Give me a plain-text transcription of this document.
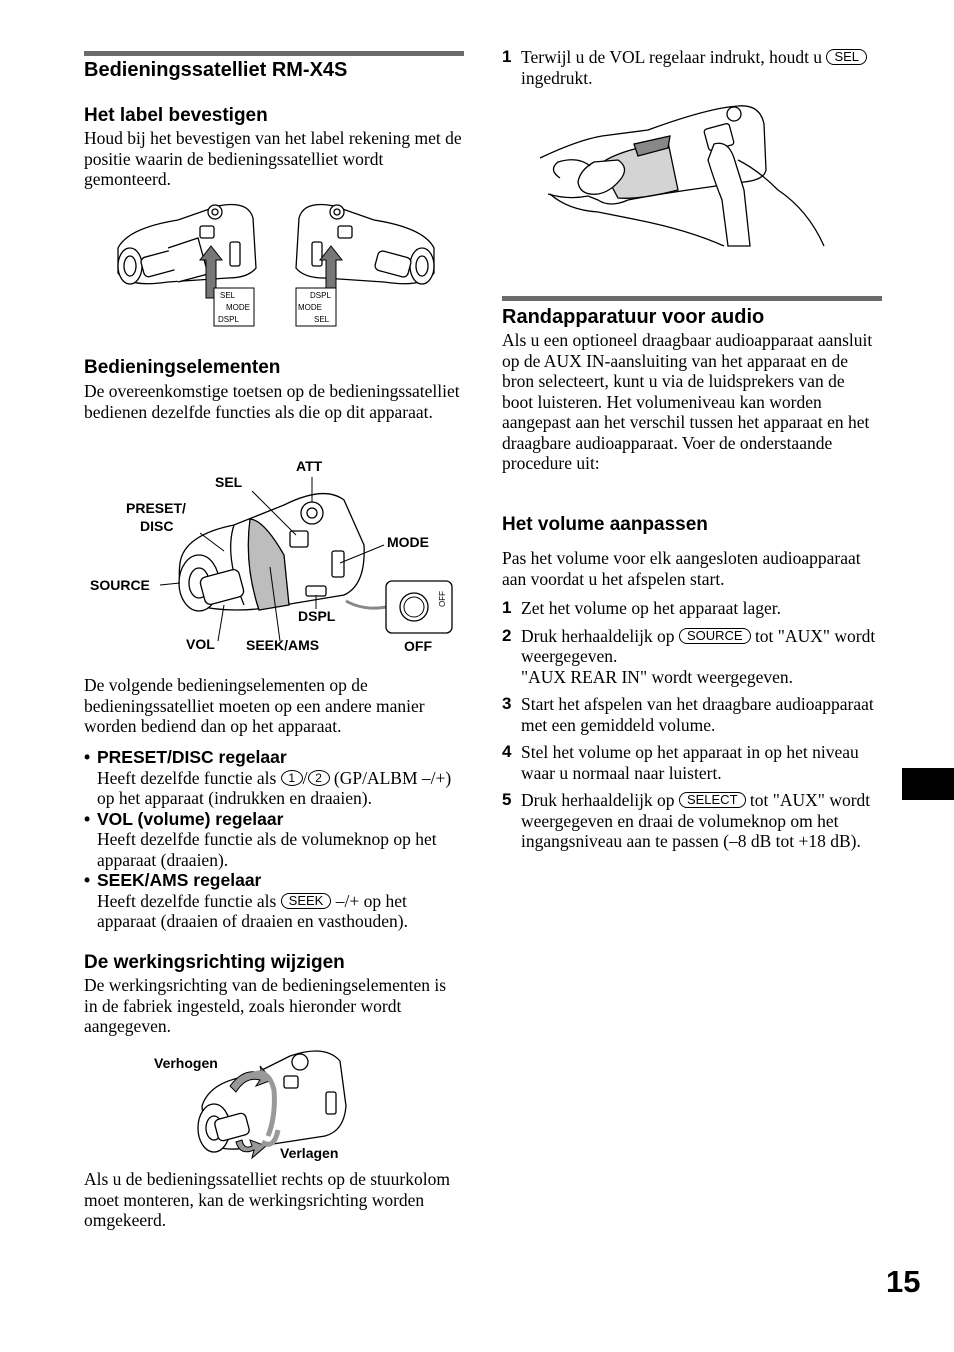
Bedieningssatelliet RM-X4S
Het label bevestigen

Houd bij het bevestigen van het label rekening met de positie waarin de bedieningssatelliet wordt gemonteerd.

SEL
MODE
DSPL
DSPL
MODE
SEL
Bedieningselementen

De overeenkomstige toetsen op de bedieningssatelliet bedienen dezelfde functies als die op dit apparaat.

OFF
ATT
SEL
PRESET/
DISC
MODE
SOURCE
DSPL
VOL SEEK/AMS	OFF

De volgende bedieningselementen op de bedieningssatelliet moeten op een andere manier worden bediend dan op het apparaat.

• PRESET/DISC regelaar
Heeft dezelfde functie als 1 / 2 (GP/ALBM –/+) op het apparaat (indrukken en draaien).
• VOL (volume) regelaar
Heeft dezelfde functie als de volumeknop op het apparaat (draaien).
• SEEK/AMS regelaar
Heeft dezelfde functie als SEEK –/+ op het apparaat (draaien of draaien en vasthouden).
De werkingsrichting wijzigen

De werkingsrichting van de bedieningselementen is in de fabriek ingesteld, zoals hieronder wordt aangegeven.

Verhogen
Verlagen

Als u de bedieningssatelliet rechts op de stuurkolom moet monteren, kan de werkingsrichting worden omgekeerd.

1 Terwijl u de VOL regelaar indrukt, houdt u SEL ingedrukt.
Randapparatuur voor audio

Als u een optioneel draagbaar audioapparaat aansluit op de AUX IN-aansluiting van het apparaat en de bron selecteert, kunt u via de luidsprekers van de boot luisteren. Het volumeniveau kan worden aangepast aan het verschil tussen het apparaat en het draagbare audioapparaat. Voer de onderstaande procedure uit:

Het volume aanpassen

Pas het volume voor elk aangesloten audioapparaat aan voordat u het afspelen start.

1 Zet het volume op het apparaat lager.
2 Druk herhaaldelijk op SOURCE tot "AUX" wordt weergegeven.
"AUX REAR IN" wordt weergegeven.
3 Start het afspelen van het draagbare audioapparaat met een gemiddeld volume.
4 Stel het volume op het apparaat in op het niveau waar u normaal naar luistert.
5 Druk herhaaldelijk op SELECT tot "AUX" wordt weergegeven en draai de volumeknop om het ingangsniveau aan te passen (–8 dB tot +18 dB).
15
